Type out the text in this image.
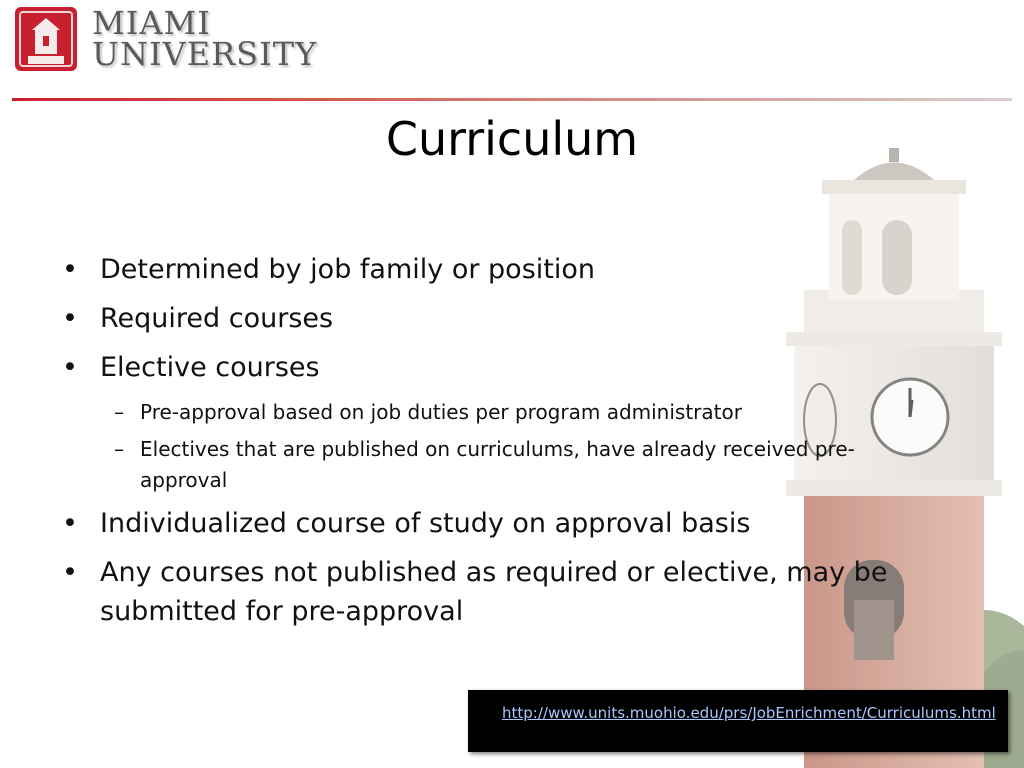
MIAMI
UNIVERSITY
Curriculum
• Determined by job family or position
• Required courses
• Elective courses
– Pre-approval based on job duties per program administrator
– Electives that are published on curriculums, have already received pre-approval
• Individualized course of study on approval basis
• Any courses not published as required or elective, may be submitted for pre-approval
http://www.units.muohio.edu/prs/JobEnrichment/Curriculums.html
